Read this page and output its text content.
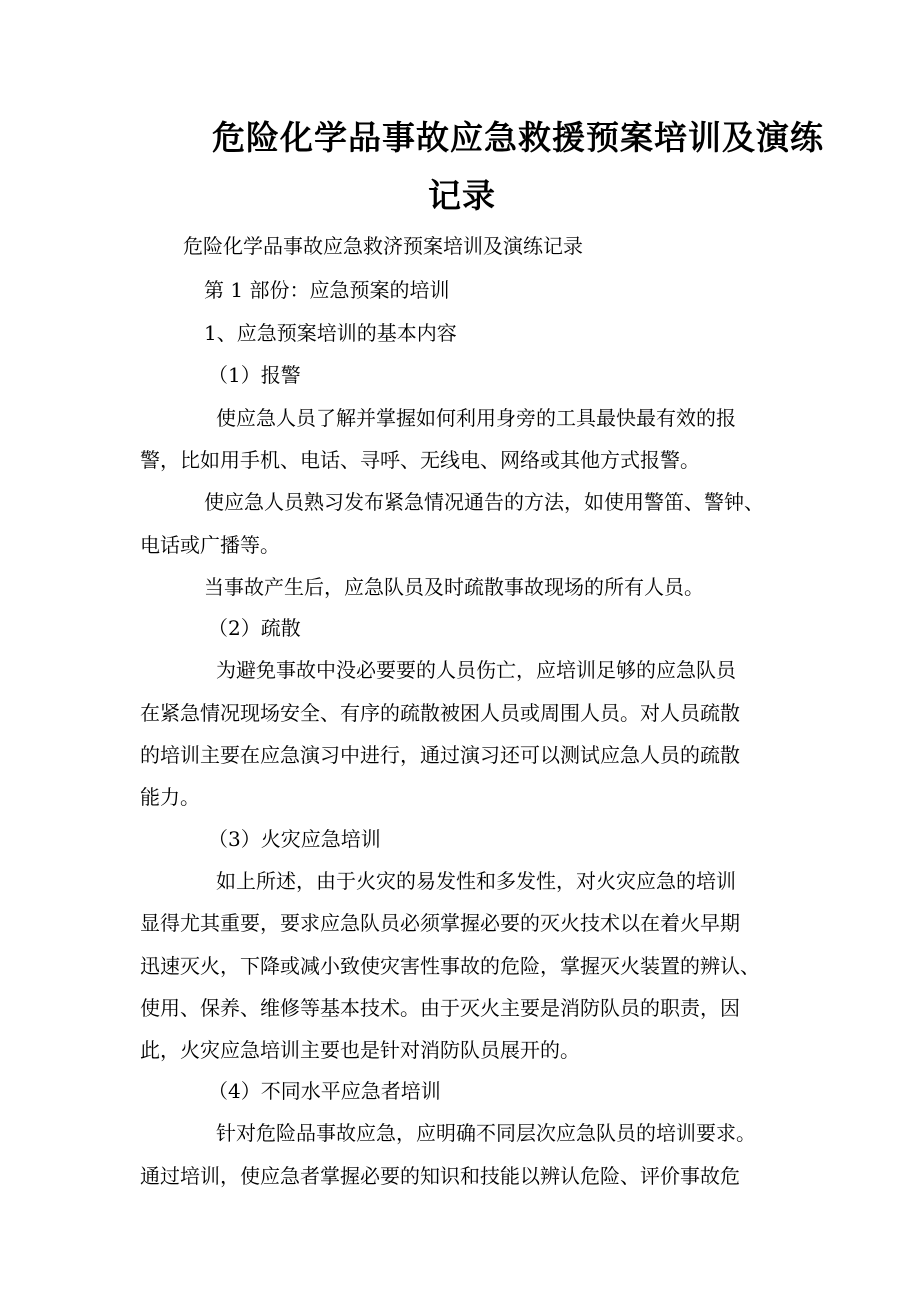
危险化学品事故应急救援预案培训及演练
记录
危险化学品事故应急救济预案培训及演练记录
第 1 部份：应急预案的培训
1、应急预案培训的基本内容
（1）报警
使应急人员了解并掌握如何利用身旁的工具最快最有效的报
警，比如用手机、电话、寻呼、无线电、网络或其他方式报警。
使应急人员熟习发布紧急情况通告的方法，如使用警笛、警钟、
电话或广播等。
当事故产生后，应急队员及时疏散事故现场的所有人员。
（2）疏散
为避免事故中没必要要的人员伤亡，应培训足够的应急队员
在紧急情况现场安全、有序的疏散被困人员或周围人员。对人员疏散
的培训主要在应急演习中进行，通过演习还可以测试应急人员的疏散
能力。
（3）火灾应急培训
如上所述，由于火灾的易发性和多发性，对火灾应急的培训
显得尤其重要，要求应急队员必须掌握必要的灭火技术以在着火早期
迅速灭火，下降或减小致使灾害性事故的危险，掌握灭火装置的辨认、
使用、保养、维修等基本技术。由于灭火主要是消防队员的职责，因
此，火灾应急培训主要也是针对消防队员展开的。
（4）不同水平应急者培训
针对危险品事故应急，应明确不同层次应急队员的培训要求。
通过培训，使应急者掌握必要的知识和技能以辨认危险、评价事故危
